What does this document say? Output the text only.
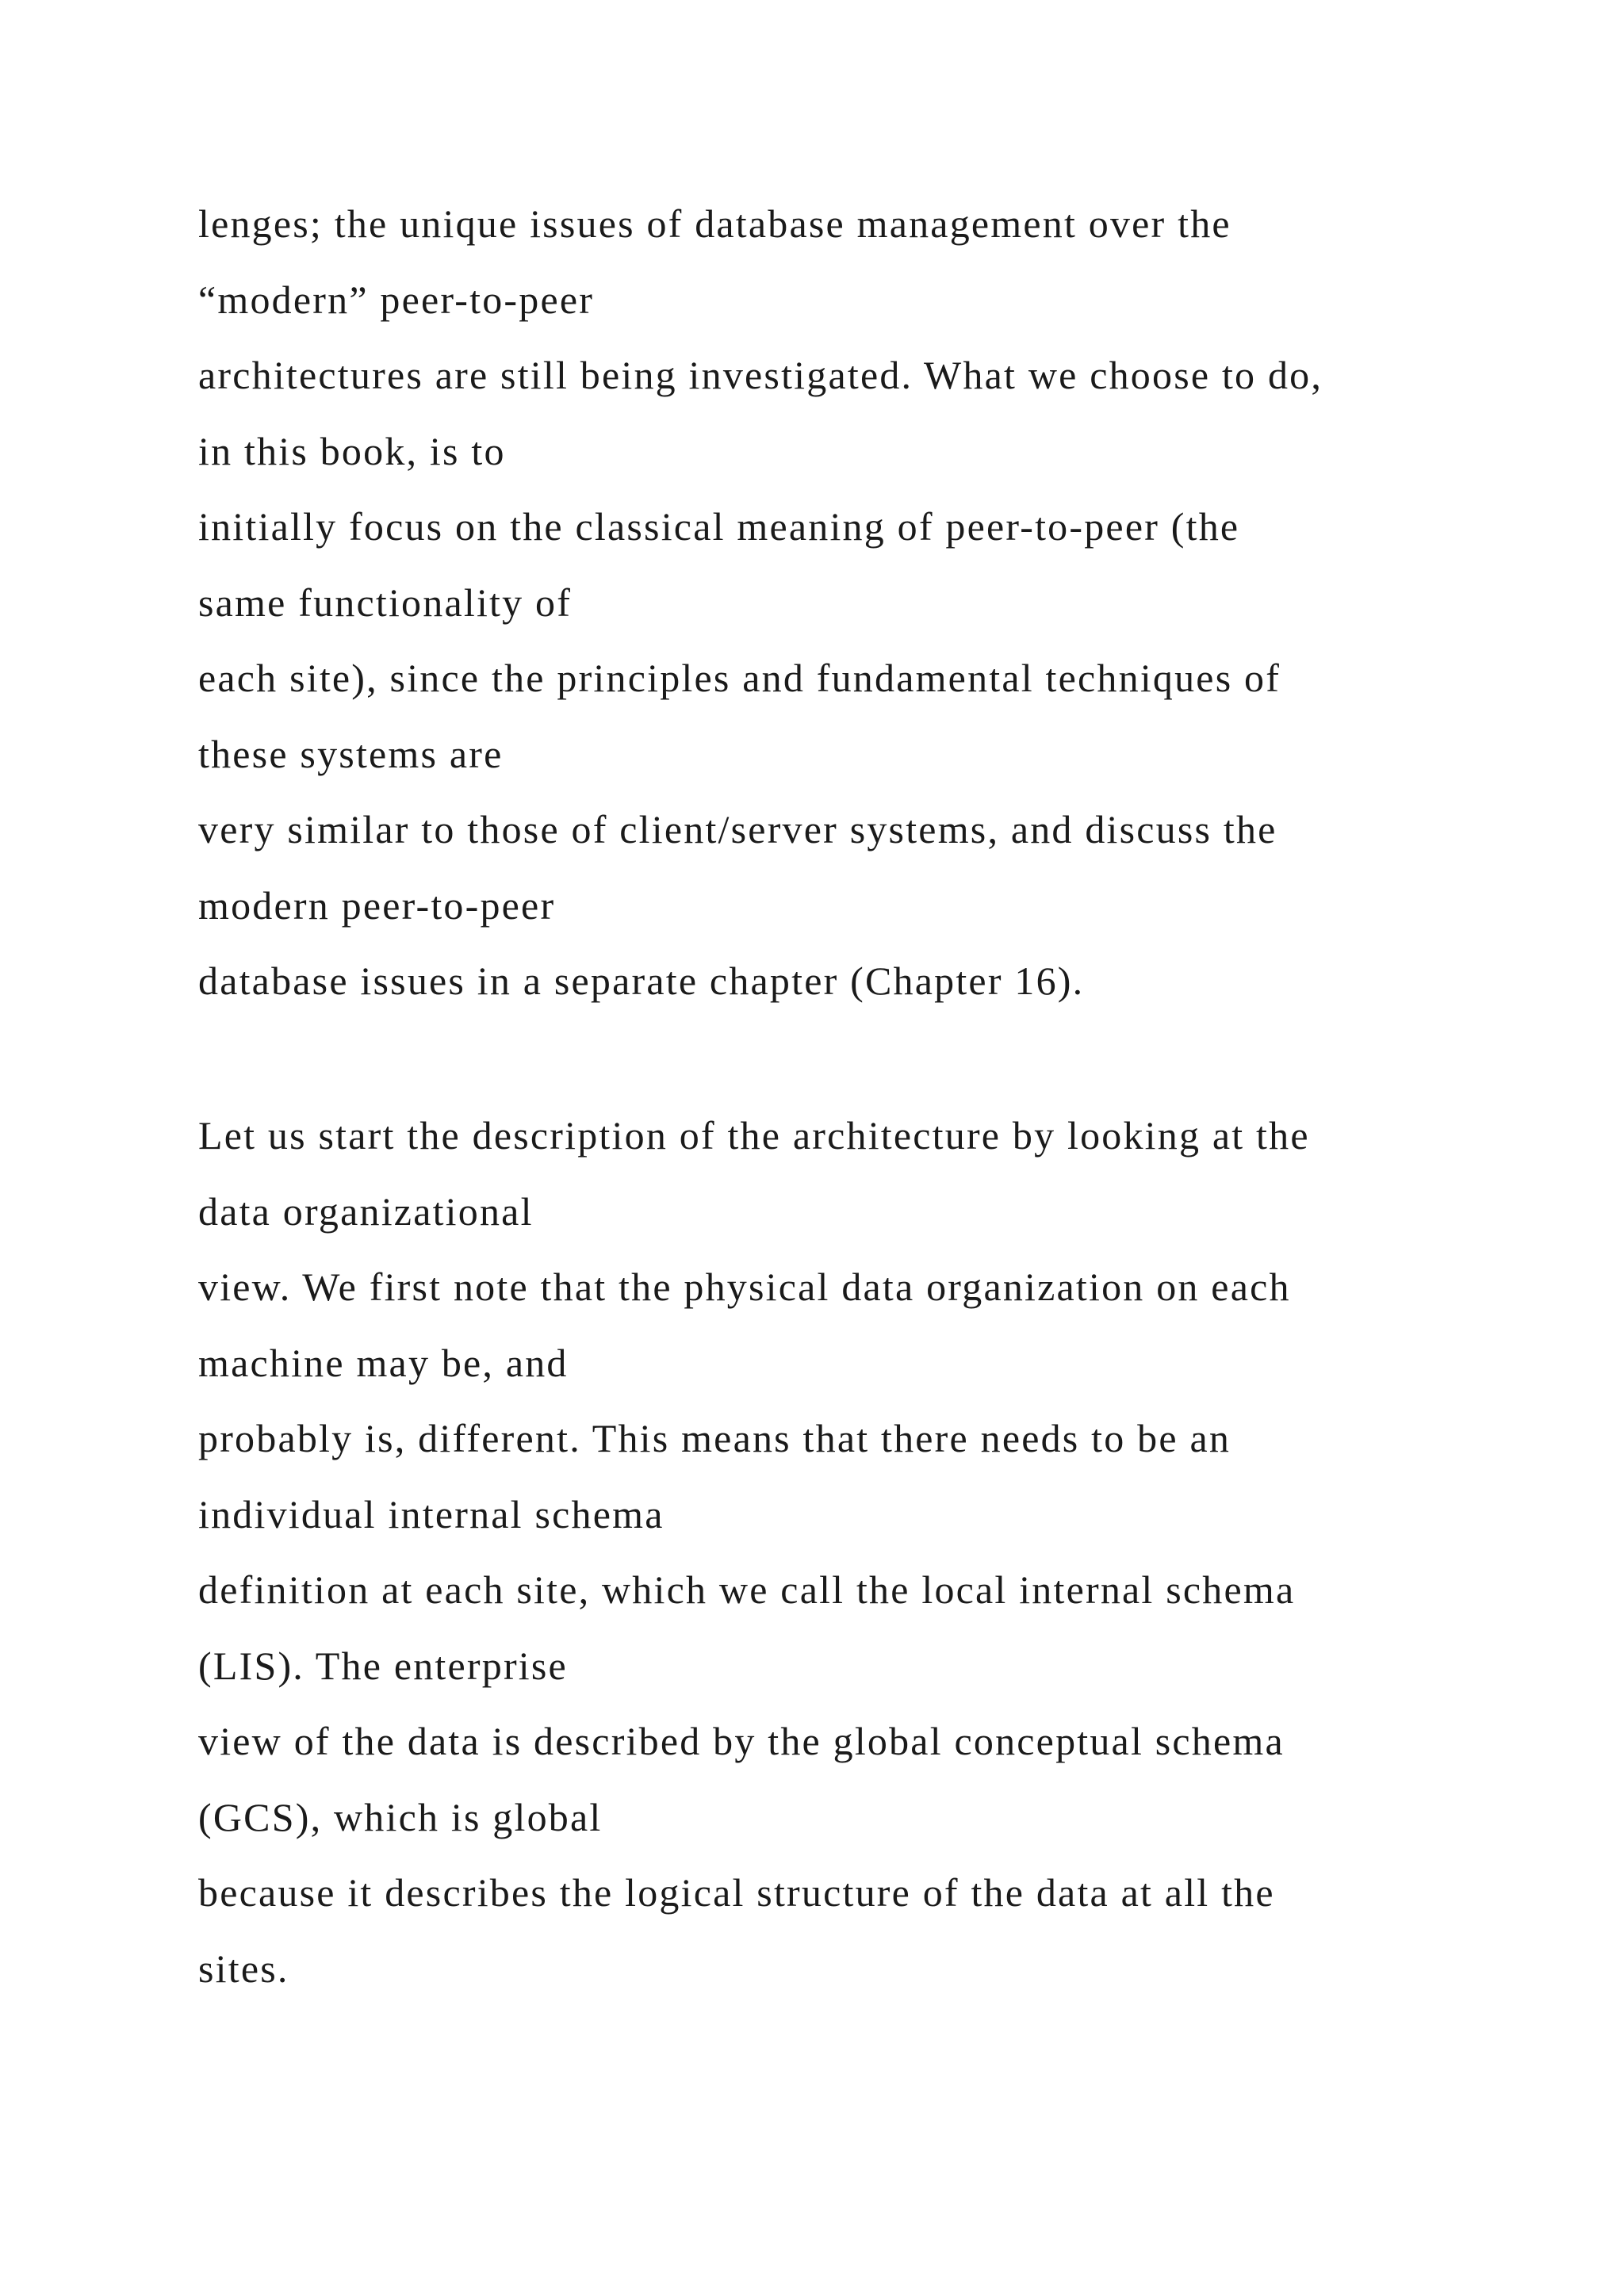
lenges; the unique issues of database management over the
“modern” peer-to-peer
architectures are still being investigated. What we choose to do,
in this book, is to
initially focus on the classical meaning of peer-to-peer (the
same functionality of
each site), since the principles and fundamental techniques of
these systems are
very similar to those of client/server systems, and discuss the
modern peer-to-peer
database issues in a separate chapter (Chapter 16).
Let us start the description of the architecture by looking at the
data organizational
view. We first note that the physical data organization on each
machine may be, and
probably is, different. This means that there needs to be an
individual internal schema
definition at each site, which we call the local internal schema
(LIS). The enterprise
view of the data is described by the global conceptual schema
(GCS), which is global
because it describes the logical structure of the data at all the
sites.
